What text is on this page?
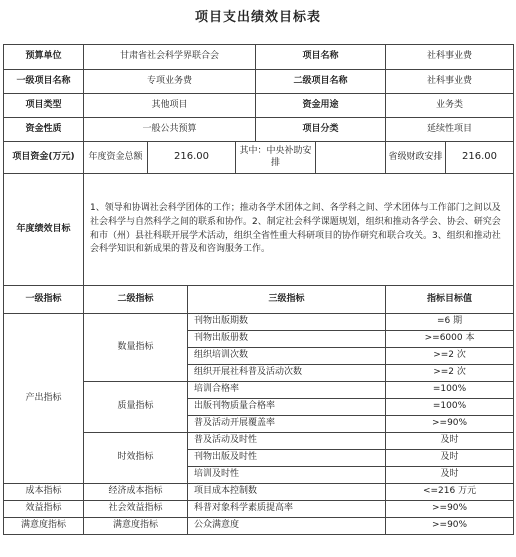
项目支出绩效目标表
预算单位	甘肃省社会科学界联合会				项目名称		社科事业费	
一级项目名称	专项业务费				二级项目名称		社科事业费	
项目类型	其他项目				资金用途		业务类	
资金性质	一般公共预算				项目分类		延续性项目	
项目资金(万元)	年度资金总额	216.00		其中：中央补助安排			省级财政安排	216.00
年度绩效目标	1、领导和协调社会科学团体的工作；推动各学术团体之间、各学科之间、学术团体与工作部门之间以及社会科学与自然科学之间的联系和协作。2、制定社会科学课题规划，组织和推动各学会、协会、研究会和市（州）县社科联开展学术活动，组织全省性重大科研项目的协作研究和联合攻关。3、组织和推动社会科学知识和新成果的普及和咨询服务工作。							
一级指标	二级指标		三级指标				指标目标值	
产出指标	数量指标		刊物出版期数				=6 期	
			刊物出版册数				>=6000 本	
			组织培训次数				>=2 次	
			组织开展社科普及活动次数				>=2 次	
	质量指标		培训合格率				=100%	
			出版刊物质量合格率				=100%	
			普及活动开展覆盖率				>=90%	
	时效指标		普及活动及时性				及时	
			刊物出版及时性				及时	
			培训及时性				及时	
成本指标	经济成本指标		项目成本控制数				<=216 万元	
效益指标	社会效益指标		科普对象科学素质提高率				>=90%	
满意度指标	满意度指标		公众满意度				>=90%	
